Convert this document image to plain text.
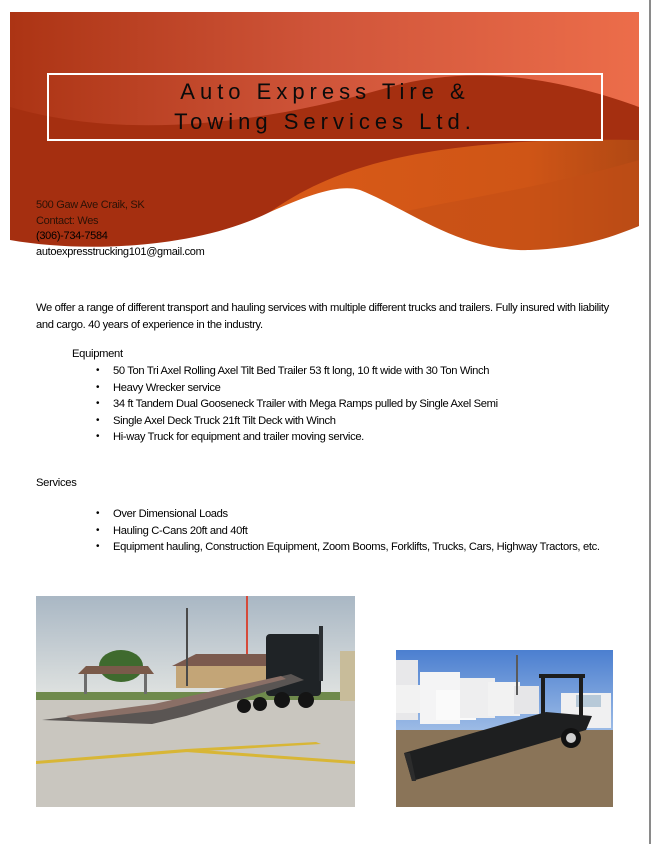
Auto Express Tire &
Towing Services Ltd.
500 Gaw Ave Craik, SK
Contact: Wes
(306)-734-7584
autoexpresstrucking101@gmail.com
We offer a range of different transport and hauling services with multiple different trucks and trailers. Fully insured with liability and cargo. 40 years of experience in the industry.
Equipment
• 50 Ton Tri Axel Rolling Axel Tilt Bed Trailer 53 ft long, 10 ft wide with 30 Ton Winch
• Heavy Wrecker service
• 34 ft Tandem Dual Gooseneck Trailer with Mega Ramps pulled by Single Axel Semi
• Single Axel Deck Truck 21ft Tilt Deck with Winch
• Hi-way Truck for equipment and trailer moving service.
Services
• Over Dimensional Loads
• Hauling C-Cans 20ft and 40ft
• Equipment hauling, Construction Equipment, Zoom Booms, Forklifts, Trucks, Cars, Highway Tractors, etc.
